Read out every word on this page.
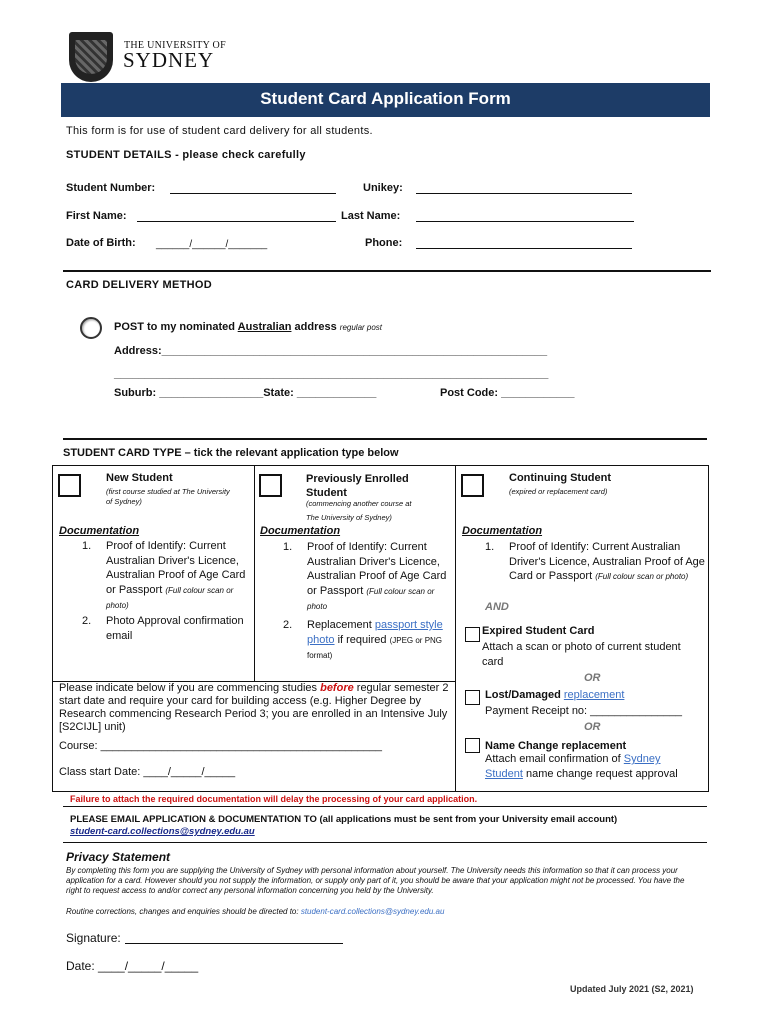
THE UNIVERSITY OF
SYDNEY
Student Card Application Form
This form is for use of student card delivery for all students.
STUDENT DETAILS - please check carefully
Student Number:	Unikey:
First Name:	Last Name:
Date of Birth: ______/______/_______	Phone:
CARD DELIVERY METHOD
POST to my nominated Australian address regular post
Address:_______________________________________________________________
_______________________________________________________________________
Suburb: _________________State: _____________	Post Code: ____________
STUDENT CARD TYPE – tick the relevant application type below
New Student
(first course studied at The University of Sydney)
Documentation
1. Proof of Identify: Current Australian Driver's Licence, Australian Proof of Age Card or Passport (Full colour scan or photo)
2. Photo Approval confirmation email
Previously Enrolled Student
(commencing another course at
The University of Sydney)
Documentation
1. Proof of Identify: Current Australian Driver's Licence, Australian Proof of Age Card or Passport (Full colour scan or photo
2. Replacement passport style photo if required (JPEG or PNG format)
Continuing Student
(expired or replacement card)
Documentation
1. Proof of Identify: Current Australian Driver's Licence, Australian Proof of Age Card or Passport (Full colour scan or photo)
AND
Expired Student Card
Attach a scan or photo of current student card
OR
Lost/Damaged replacement
Payment Receipt no: _______________
OR
Name Change replacement
Attach email confirmation of Sydney Student name change request approval
Please indicate below if you are commencing studies before regular semester 2 start date and require your card for building access (e.g. Higher Degree by Research commencing Research Period 3; you are enrolled in an Intensive July [S2CIJL] unit)
Course: ______________________________________________
Class start Date: ____/_____/_____
Failure to attach the required documentation will delay the processing of your card application.
PLEASE EMAIL APPLICATION & DOCUMENTATION TO (all applications must be sent from your University email account)
student-card.collections@sydney.edu.au
Privacy Statement
By completing this form you are supplying the University of Sydney with personal information about yourself. The University needs this information so that it can process your application for a card. However should you not supply the information, or supply only part of it, you should be aware that your application might not be processed. You have the right to request access to and/or correct any personal information concerning you held by the University.
Routine corrections, changes and enquiries should be directed to: student-card.collections@sydney.edu.au
Signature:
Date: ____/_____/_____
Updated July 2021 (S2, 2021)
